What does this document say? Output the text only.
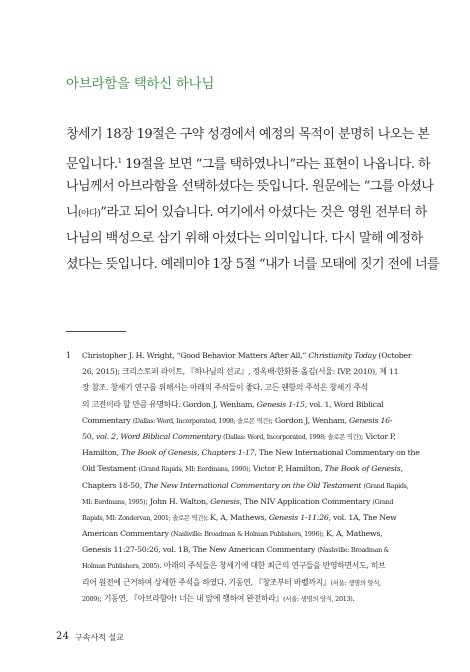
아브라함을 택하신 하나님
창세기 18장 19절은 구약 성경에서 예정의 목적이 분명히 나오는 본
문입니다.$^1$ 19절을 보면 “그를 택하였나니”라는 표현이 나옵니다. 하
나님께서 아브라함을 선택하셨다는 뜻입니다. 원문에는 “그를 아셨나
니(야다)”라고 되어 있습니다. 여기에서 아셨다는 것은 영원 전부터 하
나님의 백성으로 삼기 위해 아셨다는 의미입니다. 다시 말해 예정하
셨다는 뜻입니다. 예레미야 1장 5절 “내가 너를 모태에 짓기 전에 너를
1 Christopher J. H. Wright, “Good Behavior Matters After All,” Christianity Today (October
26, 2015); 크리스토퍼 라이트, 『하나님의 선교』, 정옥배·한화룡 옮김(서울: IVP, 2010), 제 11
장 참조. 창세기 연구를 위해서는 아래의 주석들이 좋다. 고든 웬함의 주석은 창세기 주석
의 고전이라 할 만큼 유명하다. Gordon J, Wenham, Genesis 1-15, vol. 1, Word Biblical
Commentary (Dallas: Word, Incorporated, 1998; 솔로몬 역간); Gordon J, Wenham, Genesis 16-
50, vol. 2, Word Biblical Commentary (Dallas: Word, Incorporated, 1998; 솔로몬 역간); Victor P,
Hamilton, The Book of Genesis, Chapters 1-17, The New International Commentary on the
Old Testament (Grand Rapids, MI: Eerdmans, 1990); Victor P, Hamilton, The Book of Genesis,
Chapters 18-50, The New International Commentary on the Old Testament (Grand Rapids,
MI: Eerdmans, 1995); John H. Walton, Genesis, The NIV Application Commentary (Grand
Rapids, MI: Zondervan, 2001; 솔로몬 역간); K, A, Mathews, Genesis 1-11:26, vol. 1A, The New
American Commentary (Nashville: Broadman & Holman Publishers, 1996); K, A, Mathews,
Genesis 11:27-50:26, vol. 1B, The New American Commentary (Nashville: Broadman &
Holman Publishers, 2005). 아래의 주석들은 창세기에 대한 최근의 연구들을 반영하면서도, 히브
리어 원전에 근거하여 상세한 주석을 하였다. 기동연, 『창조부터 바벨까지』(서울: 생명의 양식,
2009); 기동연, 『아브라함아! 너는 내 앞에 행하여 완전하라』(서울: 생명의 양식, 2013).
24 구속사적 설교
